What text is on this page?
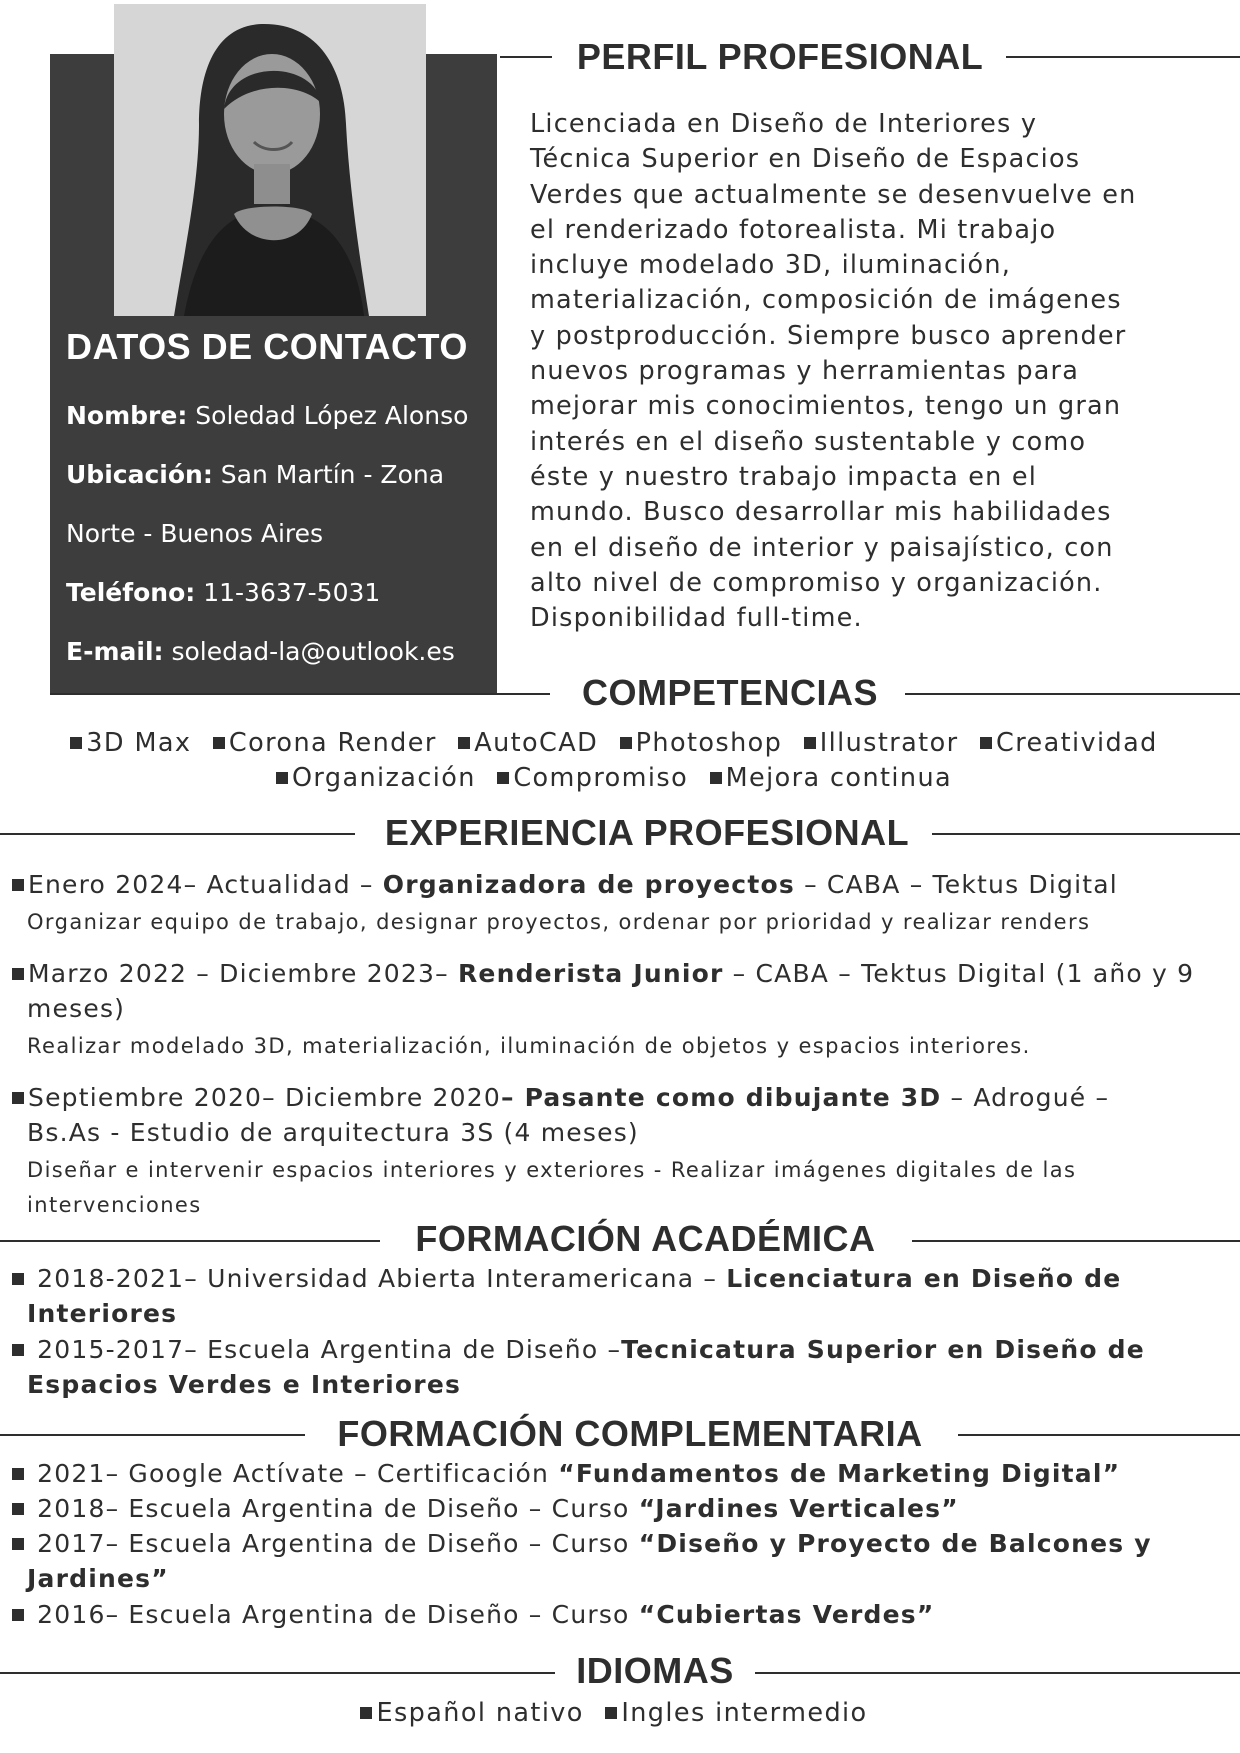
DATOS DE CONTACTO
Nombre: Soledad López Alonso
Ubicación: San Martín - Zona
Norte - Buenos Aires
Teléfono: 11-3637-5031
E-mail: soledad-la@outlook.es
PERFIL PROFESIONAL
Licenciada en Diseño de Interiores y
Técnica Superior en Diseño de Espacios
Verdes que actualmente se desenvuelve en
el renderizado fotorealista. Mi trabajo
incluye modelado 3D, iluminación,
materialización, composición de imágenes
y postproducción. Siempre busco aprender
nuevos programas y herramientas para
mejorar mis conocimientos, tengo un gran
interés en el diseño sustentable y como
éste y nuestro trabajo impacta en el
mundo. Busco desarrollar mis habilidades
en el diseño de interior y paisajístico, con
alto nivel de compromiso y organización.
Disponibilidad full-time.
COMPETENCIAS
3D Max Corona Render AutoCAD Photoshop Illustrator Creatividad
Organización Compromiso Mejora continua
EXPERIENCIA PROFESIONAL
Enero 2024– Actualidad – Organizadora de proyectos – CABA – Tektus Digital
Organizar equipo de trabajo, designar proyectos, ordenar por prioridad y realizar renders
Marzo 2022 – Diciembre 2023– Renderista Junior – CABA – Tektus Digital (1 año y 9
meses)
Realizar modelado 3D, materialización, iluminación de objetos y espacios interiores.
Septiembre 2020– Diciembre 2020– Pasante como dibujante 3D – Adrogué –
Bs.As - Estudio de arquitectura 3S (4 meses)
Diseñar e intervenir espacios interiores y exteriores - Realizar imágenes digitales de las
intervenciones
FORMACIÓN ACADÉMICA
2018-2021– Universidad Abierta Interamericana – Licenciatura en Diseño de
Interiores
2015-2017– Escuela Argentina de Diseño –Tecnicatura Superior en Diseño de
Espacios Verdes e Interiores
FORMACIÓN COMPLEMENTARIA
2021– Google Actívate – Certificación “Fundamentos de Marketing Digital”
2018– Escuela Argentina de Diseño – Curso “Jardines Verticales”
2017– Escuela Argentina de Diseño – Curso “Diseño y Proyecto de Balcones y
Jardines”
2016– Escuela Argentina de Diseño – Curso “Cubiertas Verdes”
IDIOMAS
Español nativo Ingles intermedio
